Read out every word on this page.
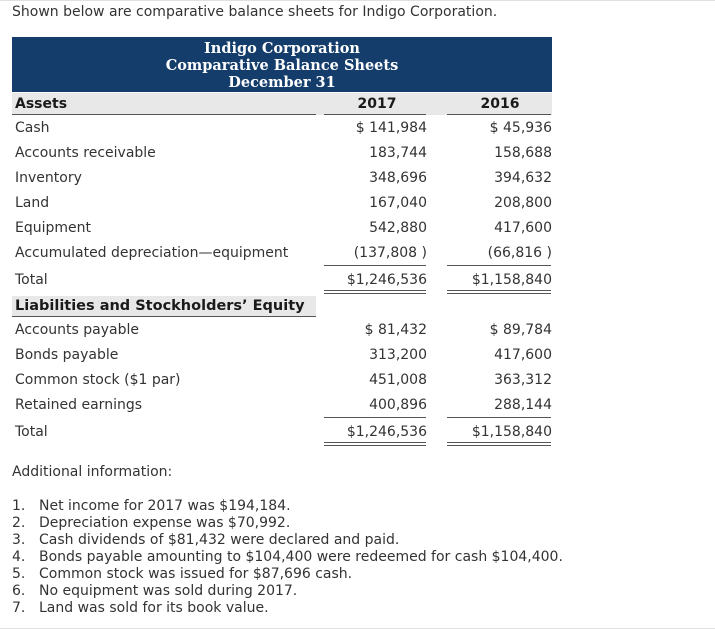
Shown below are comparative balance sheets for Indigo Corporation.
Indigo Corporation
Comparative Balance Sheets
December 31
Assets	2017	2016
Cash	$ 141,984	$ 45,936
Accounts receivable	183,744	158,688
Inventory	348,696	394,632
Land	167,040	208,800
Equipment	542,880	417,600
Accumulated depreciation—equipment	(137,808 )	(66,816 )
Total	$1,246,536	$1,158,840
Liabilities and Stockholders’ Equity
Accounts payable	$ 81,432	$ 89,784
Bonds payable	313,200	417,600
Common stock ($1 par)	451,008	363,312
Retained earnings	400,896	288,144
Total	$1,246,536	$1,158,840
Additional information:
1. Net income for 2017 was $194,184.
2. Depreciation expense was $70,992.
3. Cash dividends of $81,432 were declared and paid.
4. Bonds payable amounting to $104,400 were redeemed for cash $104,400.
5. Common stock was issued for $87,696 cash.
6. No equipment was sold during 2017.
7. Land was sold for its book value.
